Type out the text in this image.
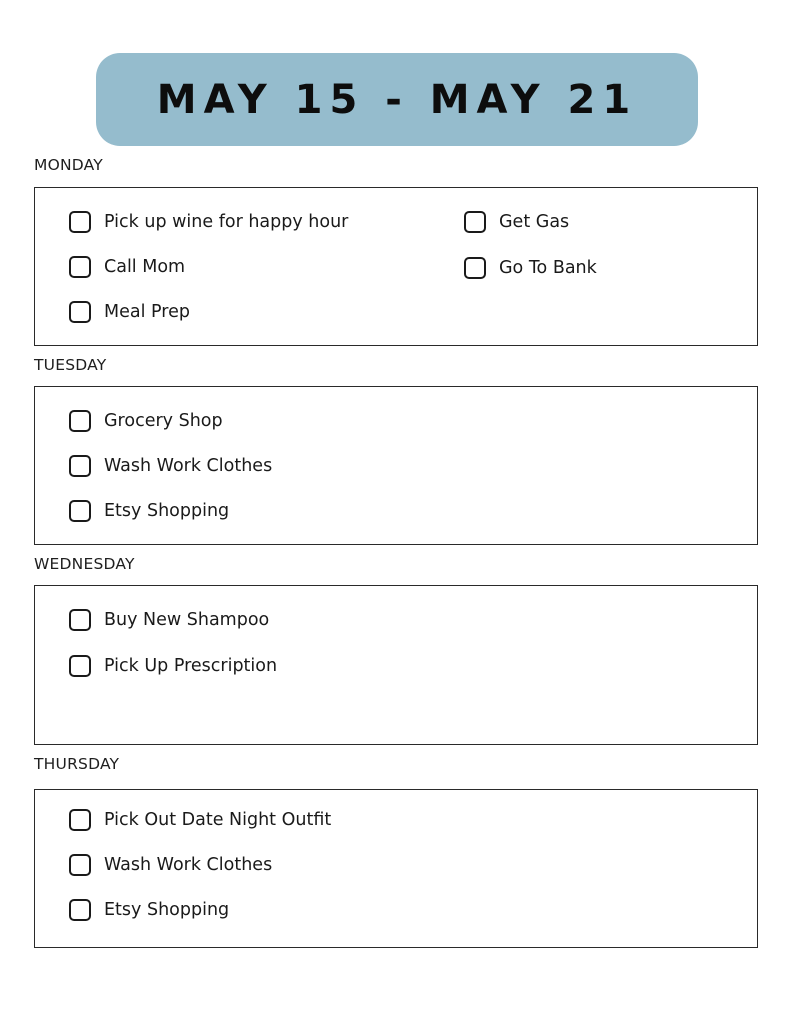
MAY 15 - MAY 21
MONDAY
Pick up wine for happy hour
Call Mom
Meal Prep
Get Gas
Go To Bank
TUESDAY
Grocery Shop
Wash Work Clothes
Etsy Shopping
WEDNESDAY
Buy New Shampoo
Pick Up Prescription
THURSDAY
Pick Out Date Night Outfit
Wash Work Clothes
Etsy Shopping
